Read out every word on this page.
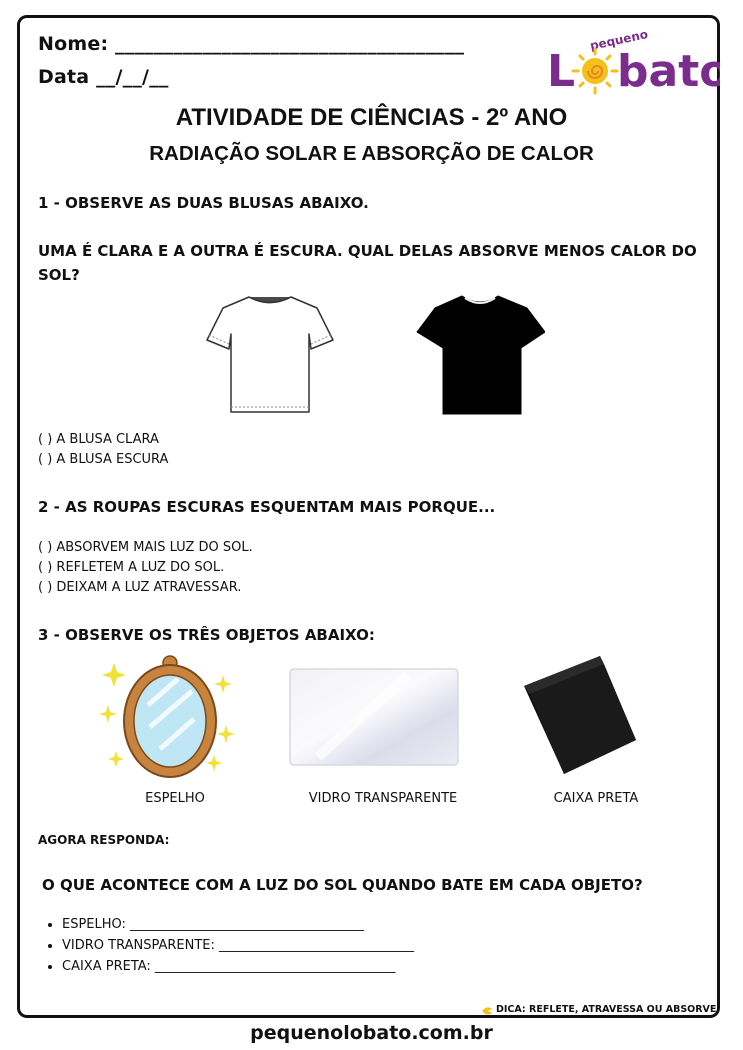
Nome: ____________________________________
Data __/__/__
pequeno
L bato
ATIVIDADE DE CIÊNCIAS - 2º ANO
RADIAÇÃO SOLAR E ABSORÇÃO DE CALOR
1 - OBSERVE AS DUAS BLUSAS ABAIXO.
UMA É CLARA E A OUTRA É ESCURA. QUAL DELAS ABSORVE MENOS CALOR DO SOL?
( ) A BLUSA CLARA
( ) A BLUSA ESCURA
2 - AS ROUPAS ESCURAS ESQUENTAM MAIS PORQUE...
( ) ABSORVEM MAIS LUZ DO SOL.
( ) REFLETEM A LUZ DO SOL.
( ) DEIXAM A LUZ ATRAVESSAR.
3 - OBSERVE OS TRÊS OBJETOS ABAIXO:
ESPELHO	VIDRO TRANSPARENTE	CAIXA PRETA
AGORA RESPONDA:
O QUE ACONTECE COM A LUZ DO SOL QUANDO BATE EM CADA OBJETO?
• ESPELHO: ____________________________________
• VIDRO TRANSPARENTE: ______________________________
• CAIXA PRETA: _____________________________________
DICA: REFLETE, ATRAVESSA OU ABSORVE
pequenolobato.com.br
